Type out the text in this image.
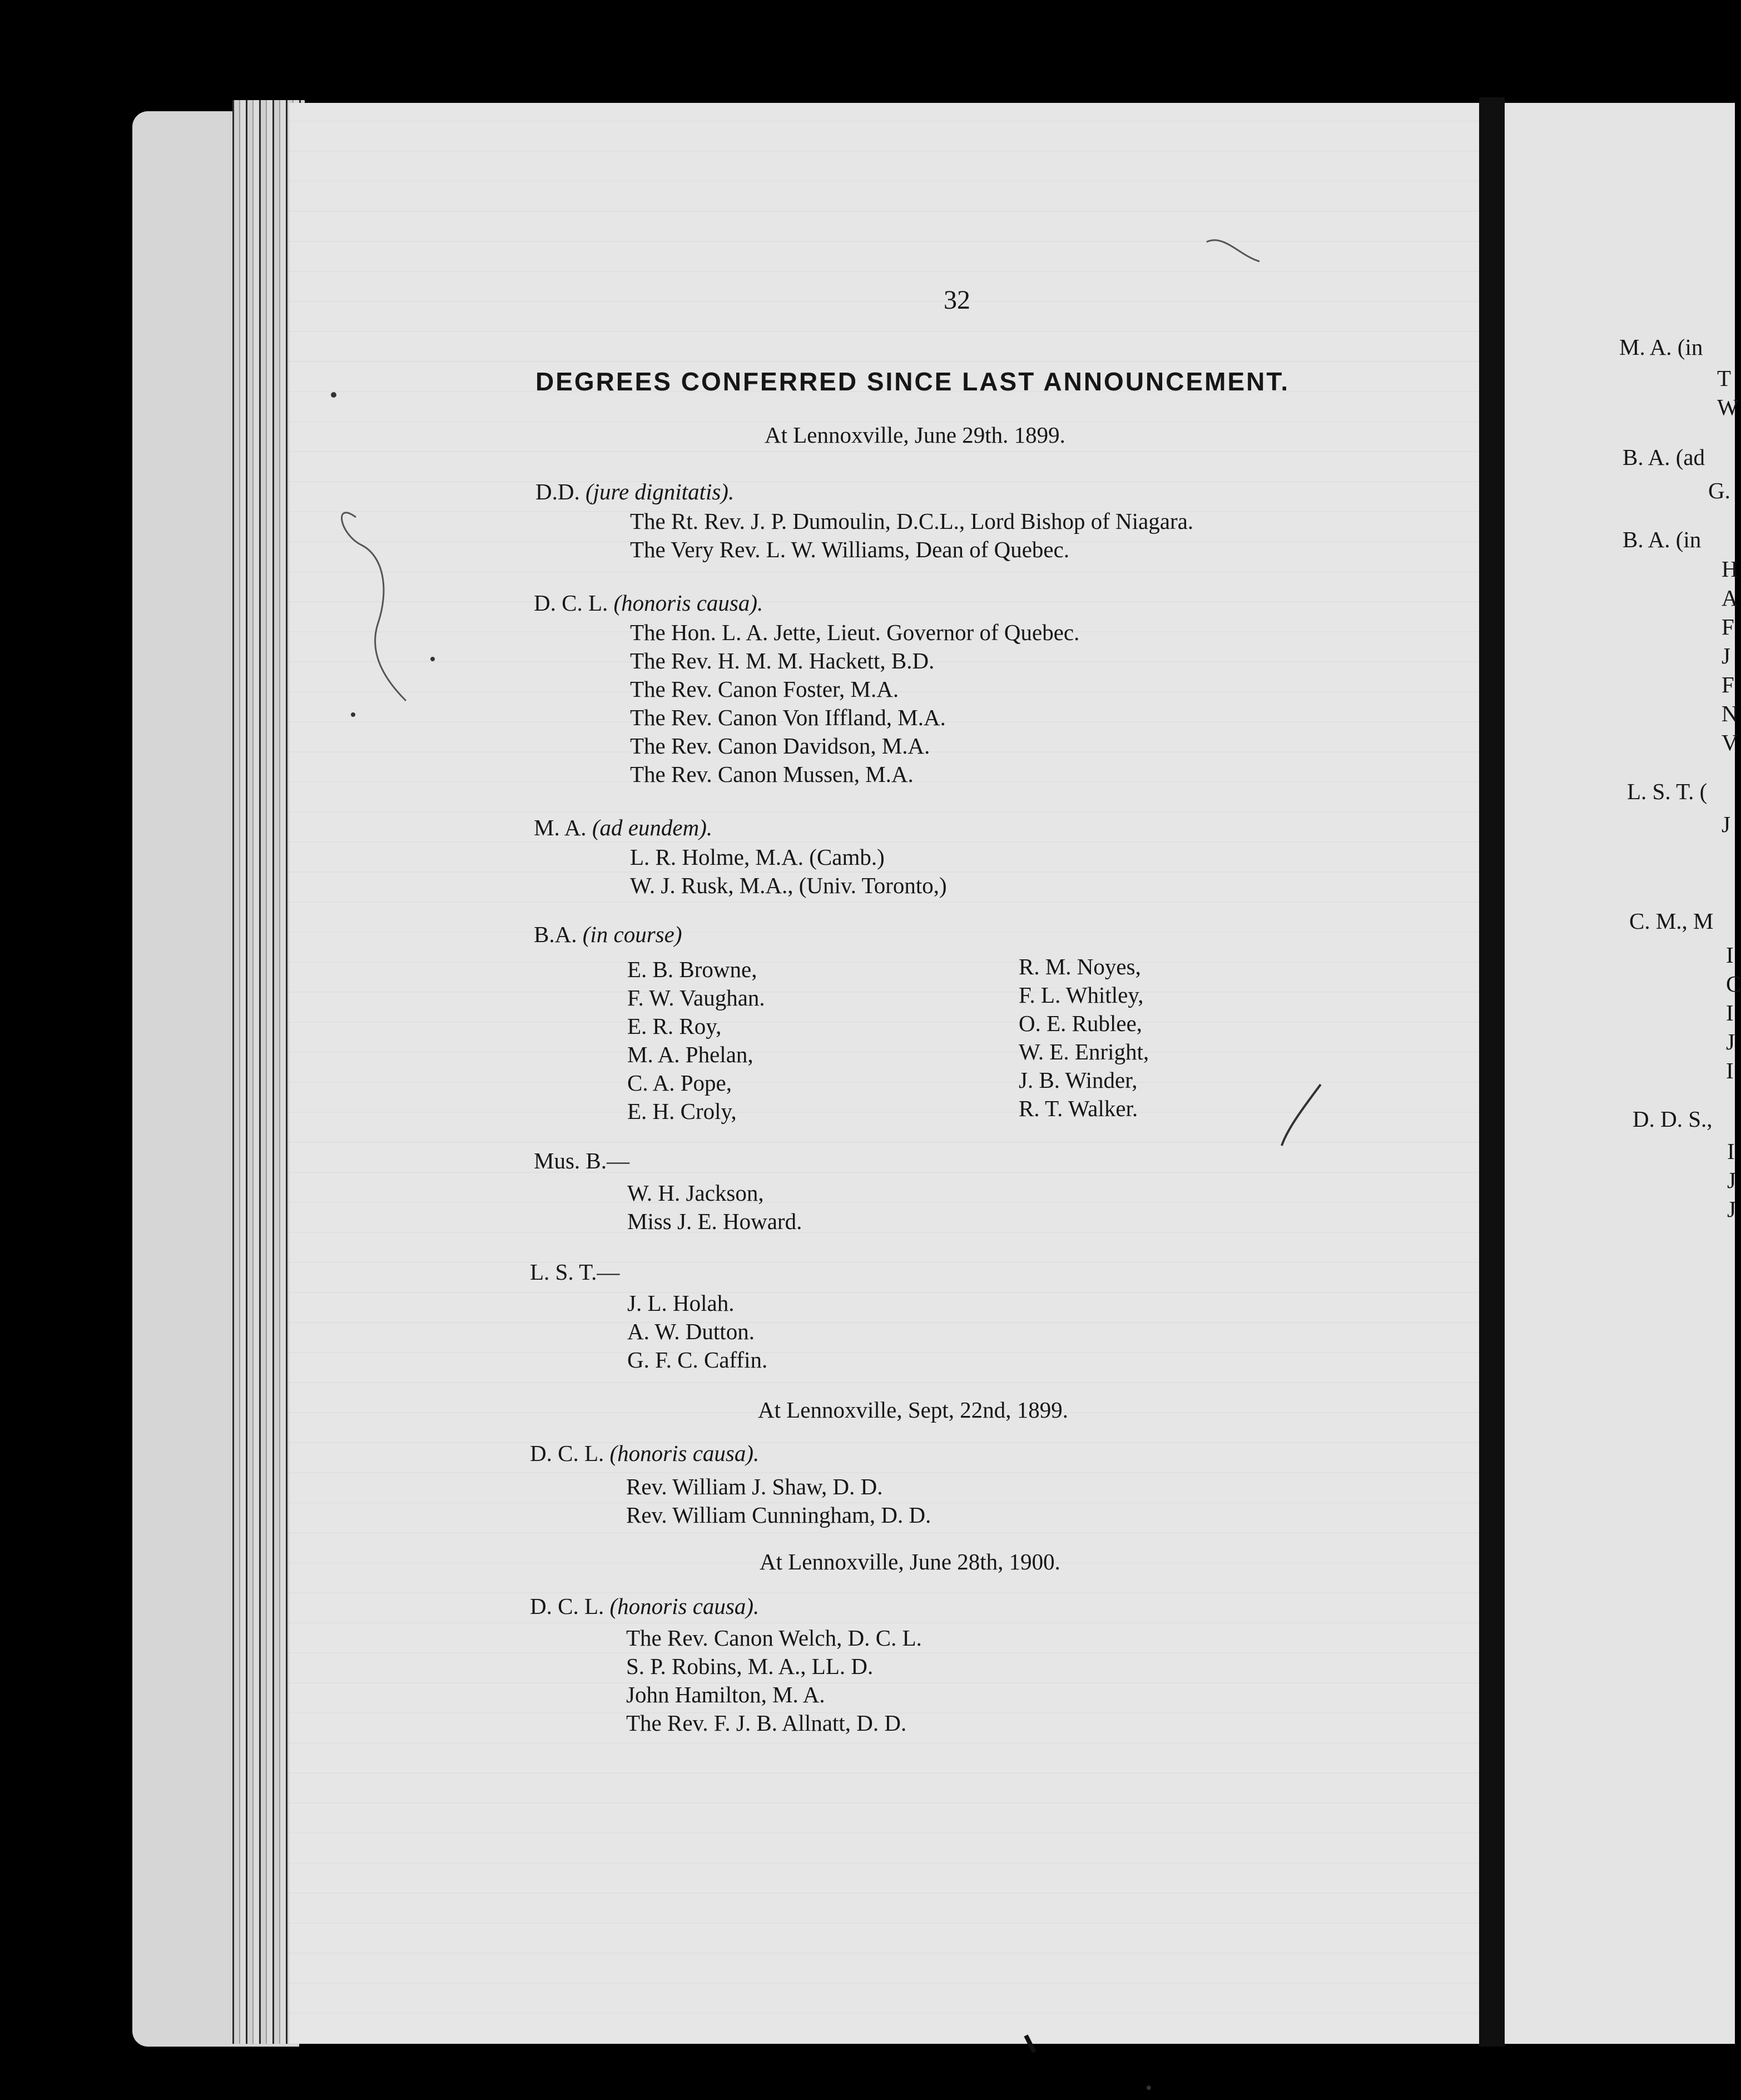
32
DEGREES CONFERRED SINCE LAST ANNOUNCEMENT.
At Lennoxville, June 29th. 1899.
D.D. (jure dignitatis).
The Rt. Rev. J. P. Dumoulin, D.C.L., Lord Bishop of Niagara.
The Very Rev. L. W. Williams, Dean of Quebec.
D. C. L. (honoris causa).
The Hon. L. A. Jette, Lieut. Governor of Quebec.
The Rev. H. M. M. Hackett, B.D.
The Rev. Canon Foster, M.A.
The Rev. Canon Von Iffland, M.A.
The Rev. Canon Davidson, M.A.
The Rev. Canon Mussen, M.A.
M. A. (ad eundem).
L. R. Holme, M.A. (Camb.)
W. J. Rusk, M.A., (Univ. Toronto,)
B.A. (in course)
E. B. Browne,
F. W. Vaughan.
E. R. Roy,
M. A. Phelan,
C. A. Pope,
E. H. Croly,
R. M. Noyes,
F. L. Whitley,
O. E. Rublee,
W. E. Enright,
J. B. Winder,
R. T. Walker.
Mus. B.—
W. H. Jackson,
Miss J. E. Howard.
L. S. T.—
J. L. Holah.
A. W. Dutton.
G. F. C. Caffin.
At Lennoxville, Sept, 22nd, 1899.
D. C. L. (honoris causa).
Rev. William J. Shaw, D. D.
Rev. William Cunningham, D. D.
At Lennoxville, June 28th, 1900.
D. C. L. (honoris causa).
The Rev. Canon Welch, D. C. L.
S. P. Robins, M. A., LL. D.
John Hamilton, M. A.
The Rev. F. J. B. Allnatt, D. D.
M. A. (in
T
W
B. A. (ad
G.
B. A. (in
H
A
F
J
F
N
V
L. S. T. (
J
C. M., M
I
C
I
J
I
D. D. S.,
I
J
J
